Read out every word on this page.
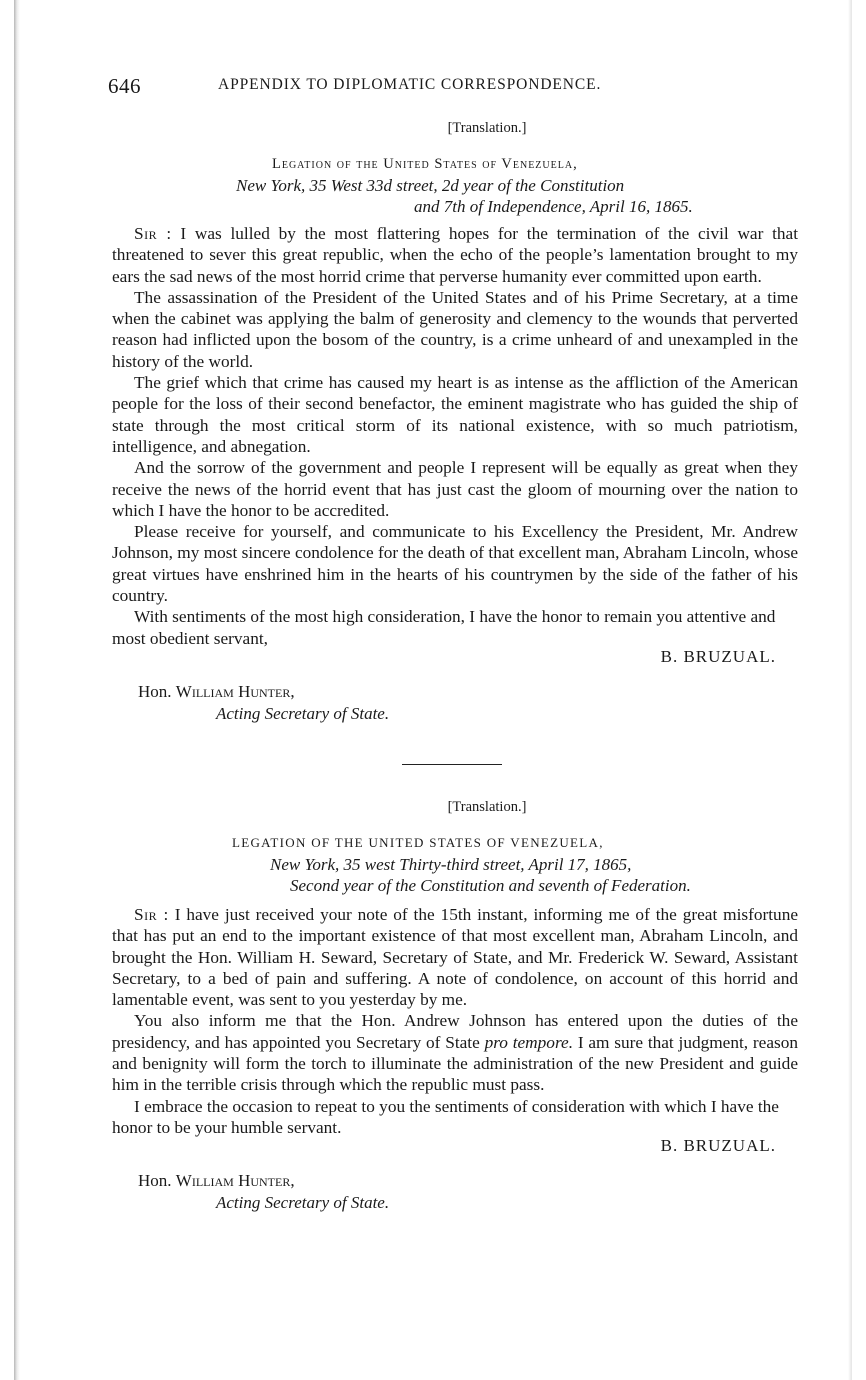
646	APPENDIX TO DIPLOMATIC CORRESPONDENCE.

[Translation.]

Legation of the United States of Venezuela,

New York, 35 West 33d street, 2d year of the Constitution

and 7th of Independence, April 16, 1865.

Sir : I was lulled by the most flattering hopes for the termination of the civil war that threatened to sever this great republic, when the echo of the people’s lamentation brought to my ears the sad news of the most horrid crime that perverse humanity ever committed upon earth.

The assassination of the President of the United States and of his Prime Secretary, at a time when the cabinet was applying the balm of generosity and clemency to the wounds that perverted reason had inflicted upon the bosom of the country, is a crime unheard of and unexampled in the history of the world.

The grief which that crime has caused my heart is as intense as the affliction of the American people for the loss of their second benefactor, the eminent magistrate who has guided the ship of state through the most critical storm of its national existence, with so much patriotism, intelligence, and abnegation.

And the sorrow of the government and people I represent will be equally as great when they receive the news of the horrid event that has just cast the gloom of mourning over the nation to which I have the honor to be accredited.

Please receive for yourself, and communicate to his Excellency the President, Mr. Andrew Johnson, my most sincere condolence for the death of that excellent man, Abraham Lincoln, whose great virtues have enshrined him in the hearts of his countrymen by the side of the father of his country.

With sentiments of the most high consideration, I have the honor to remain you attentive and most obedient servant,

B. BRUZUAL.

Hon. William Hunter,

Acting Secretary of State.

[Translation.]

LEGATION OF THE UNITED STATES OF VENEZUELA,

New York, 35 west Thirty-third street, April 17, 1865,

Second year of the Constitution and seventh of Federation.

Sir : I have just received your note of the 15th instant, informing me of the great misfortune that has put an end to the important existence of that most excellent man, Abraham Lincoln, and brought the Hon. William H. Seward, Secretary of State, and Mr. Frederick W. Seward, Assistant Secretary, to a bed of pain and suffering. A note of condolence, on account of this horrid and lamentable event, was sent to you yesterday by me.

You also inform me that the Hon. Andrew Johnson has entered upon the duties of the presidency, and has appointed you Secretary of State pro tempore. I am sure that judgment, reason and benignity will form the torch to illuminate the administration of the new President and guide him in the terrible crisis through which the republic must pass.

I embrace the occasion to repeat to you the sentiments of consideration with which I have the honor to be your humble servant.

B. BRUZUAL.

Hon. William Hunter,

Acting Secretary of State.
